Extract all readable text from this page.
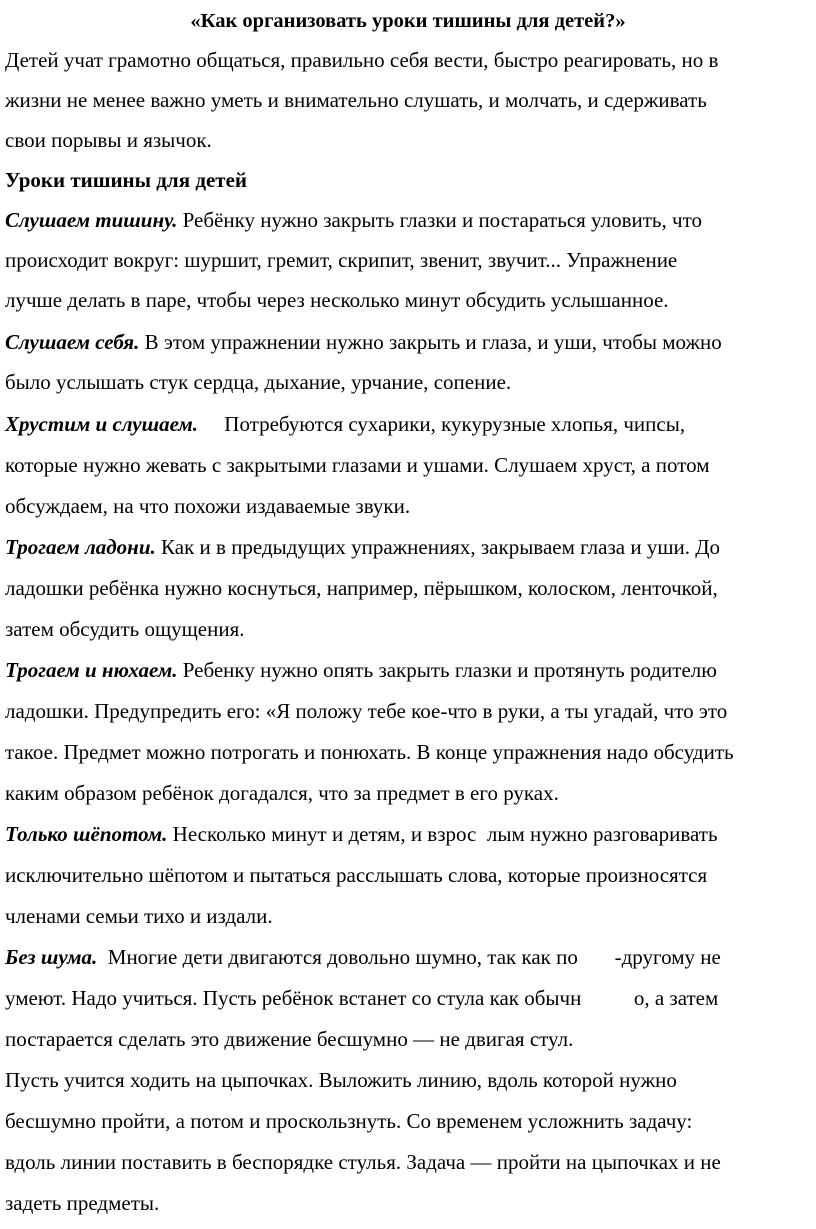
«Как организовать уроки тишины для детей?»
Детей учат грамотно общаться, правильно себя вести, быстро реагировать, но в
жизни не менее важно уметь и внимательно слушать, и молчать, и сдерживать
свои порывы и язычок.
Уроки тишины для детей
Слушаем тишину. Ребёнку нужно закрыть глазки и постараться уловить, что
происходит вокруг: шуршит, гремит, скрипит, звенит, звучит... Упражнение
лучше делать в паре, чтобы через несколько минут обсудить услышанное.
Слушаем себя. В этом упражнении нужно закрыть и глаза, и уши, чтобы можно
было услышать стук сердца, дыхание, урчание, сопение.
Хрустим и слушаем.     Потребуются сухарики, кукурузные хлопья, чипсы,
которые нужно жевать с закрытыми глазами и ушами. Слушаем хруст, а потом
обсуждаем, на что похожи издаваемые звуки.
Трогаем ладони. Как и в предыдущих упражнениях, закрываем глаза и уши. До
ладошки ребёнка нужно коснуться, например, пёрышком, колоском, ленточкой,
затем обсудить ощущения.
Трогаем и нюхаем. Ребенку нужно опять закрыть глазки и протянуть родителю
ладошки. Предупредить его: «Я положу тебе кое-что в руки, а ты угадай, что это
такое. Предмет можно потрогать и понюхать. В конце упражнения надо обсудить
каким образом ребёнок догадался, что за предмет в его руках.
Только шёпотом. Несколько минут и детям, и взрос  лым нужно разговаривать
исключительно шёпотом и пытаться расслышать слова, которые произносятся
членами семьи тихо и издали.
Без шума.  Многие дети двигаются довольно шумно, так как по       -другому не
умеют. Надо учиться. Пусть ребёнок встанет со стула как обычн          о, а затем
постарается сделать это движение бесшумно — не двигая стул.
Пусть учится ходить на цыпочках. Выложить линию, вдоль которой нужно
бесшумно пройти, а потом и проскользнуть. Со временем усложнить задачу:
вдоль линии поставить в беспорядке стулья. Задача — пройти на цыпочках и не
задеть предметы.
